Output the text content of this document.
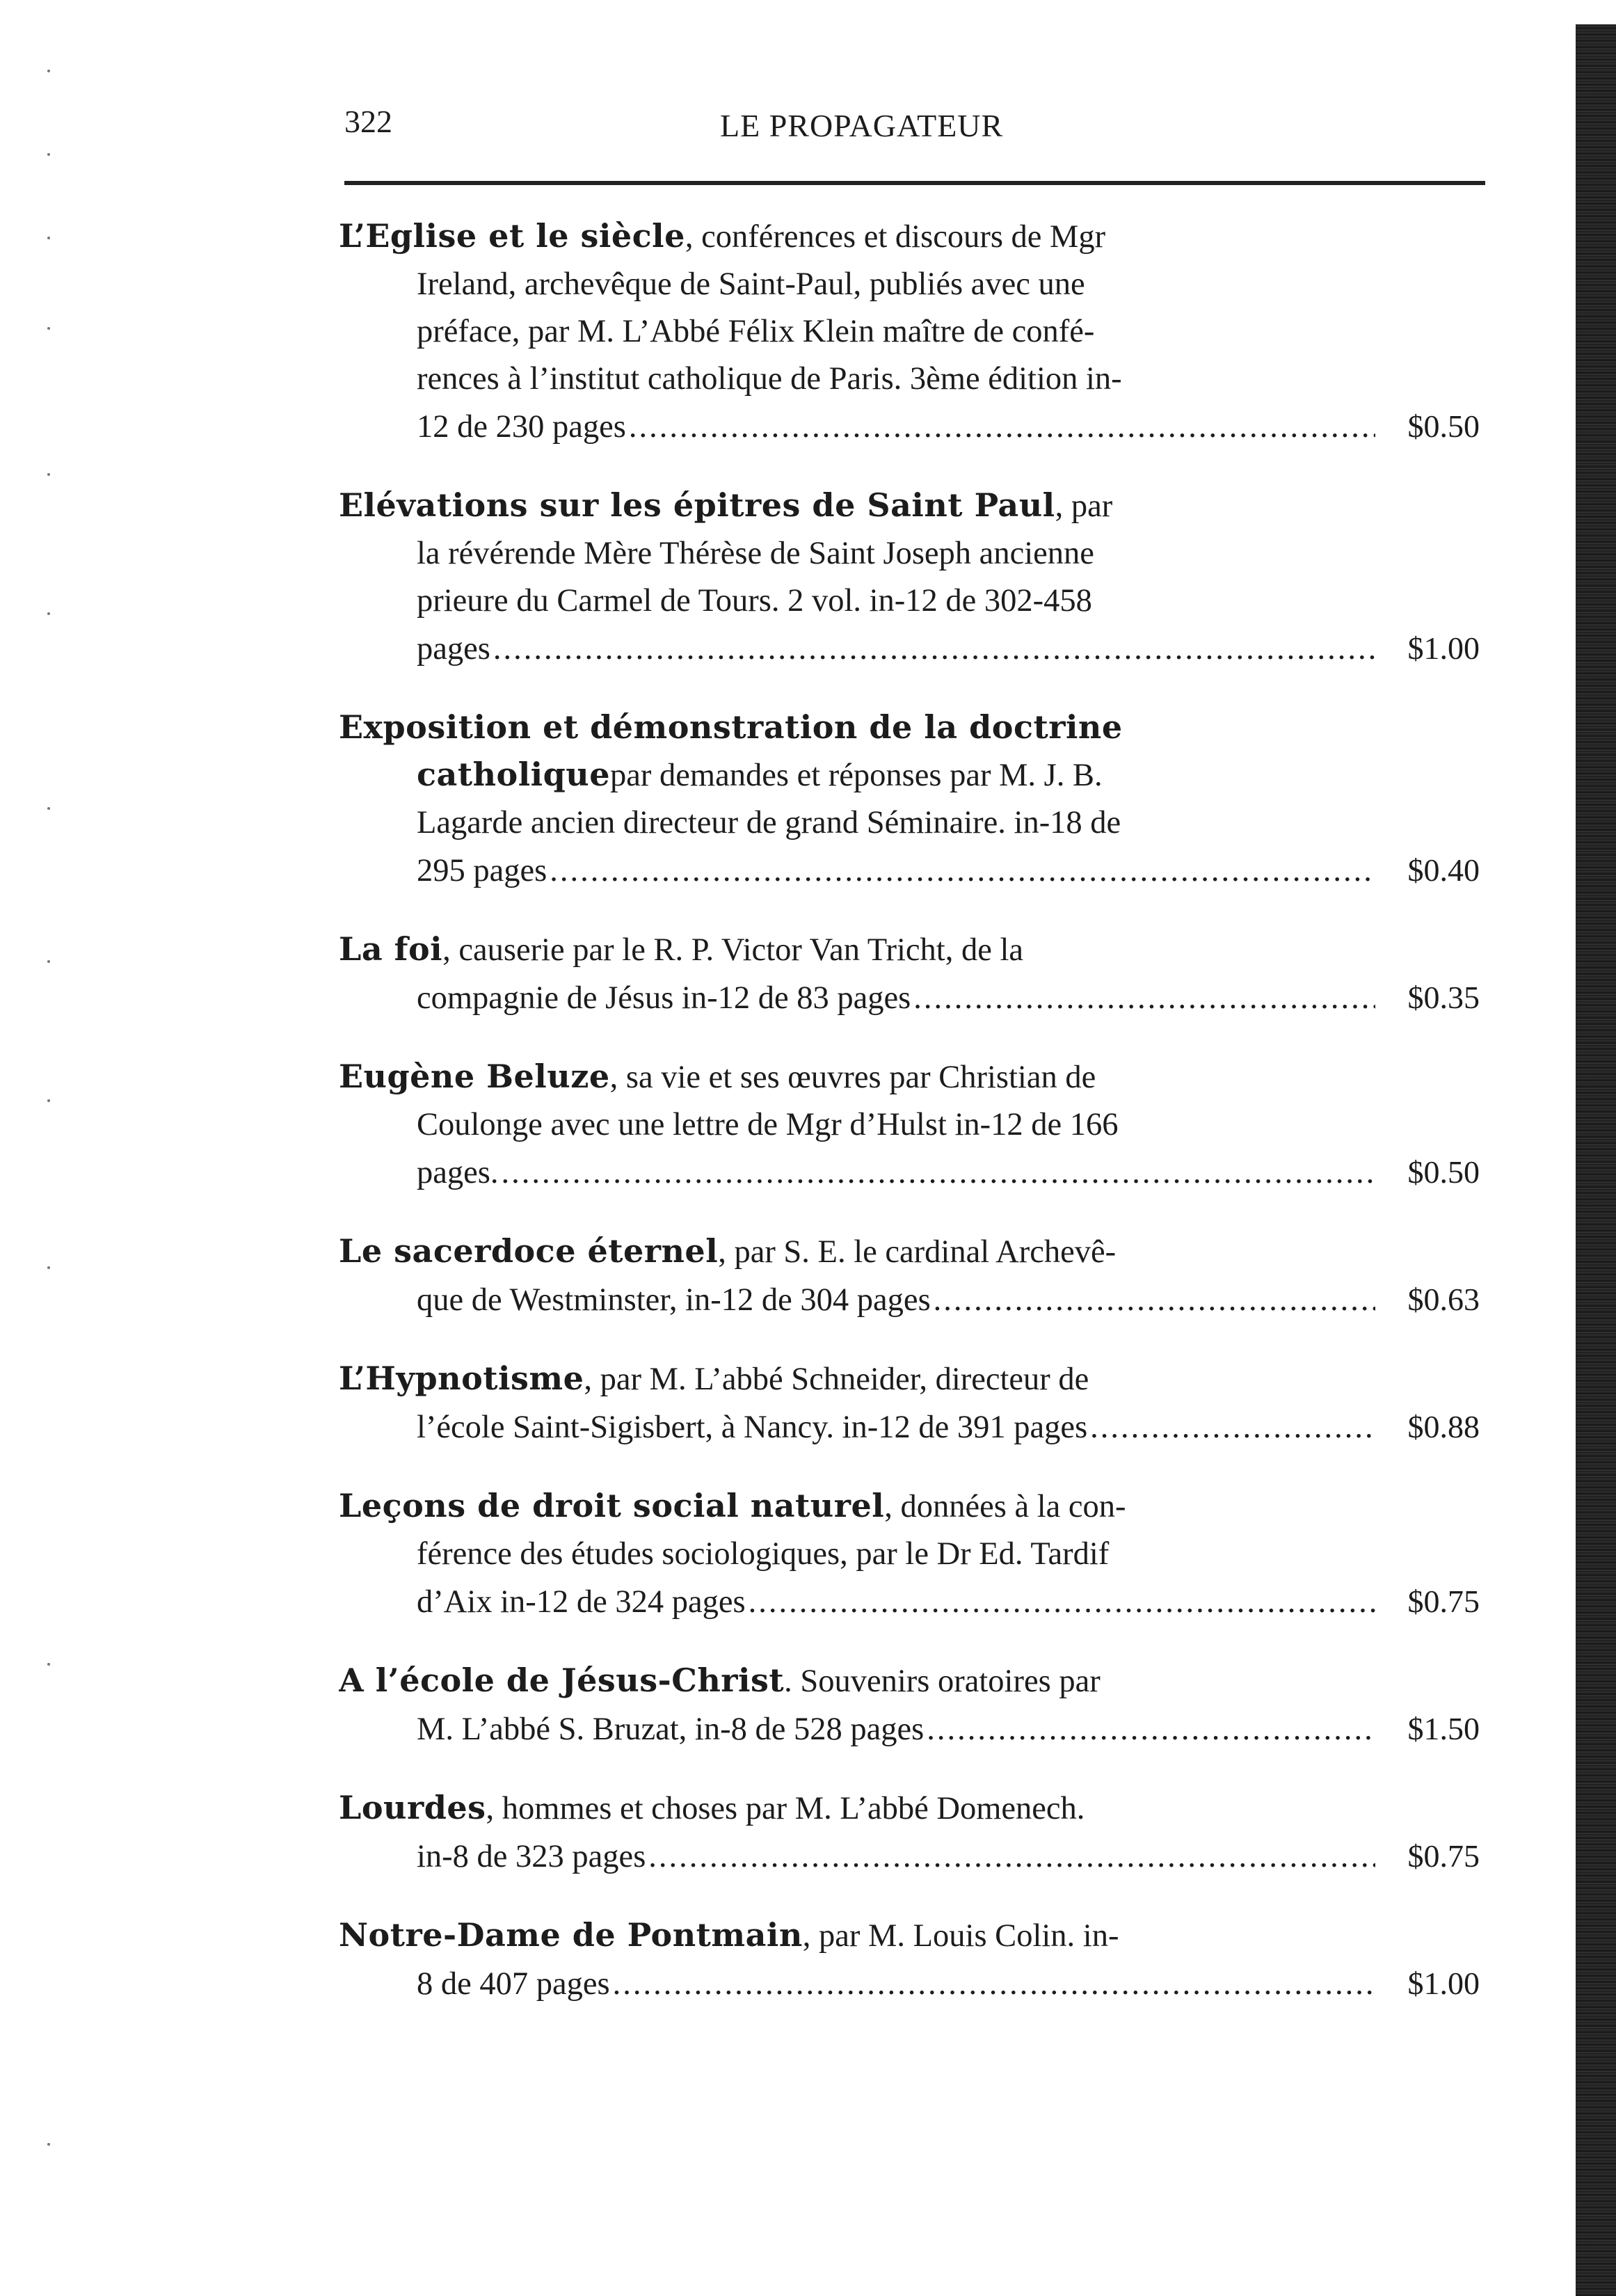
322	LE PROPAGATEUR
L’Eglise et le siècle , conférences et discours de Mgr
Ireland, archevêque de Saint-Paul, publiés avec une
préface, par M. L’Abbé Félix Klein maître de confé-
rences à l’institut catholique de Paris. 3ème édition in-
12 de 230 pages .....	$0.50
Elévations sur les épitres de Saint Paul , par
la révérende Mère Thérèse de Saint Joseph ancienne
prieure du Carmel de Tours. 2 vol. in-12 de 302-458
pages .....	$1.00
Exposition et démonstration de la doctrine
catholique par demandes et réponses par M. J. B.
Lagarde ancien directeur de grand Séminaire. in-18 de
295 pages .....	$0.40
La foi , causerie par le R. P. Victor Van Tricht, de la
compagnie de Jésus in-12 de 83 pages .....	$0.35
Eugène Beluze , sa vie et ses œuvres par Christian de
Coulonge avec une lettre de Mgr d’Hulst in-12 de 166
pages. .....	$0.50
Le sacerdoce éternel , par S. E. le cardinal Archevê-
que de Westminster, in-12 de 304 pages .....	$0.63
L’Hypnotisme , par M. L’abbé Schneider, directeur de
l’école Saint-Sigisbert, à Nancy. in-12 de 391 pages .....	$0.88
Leçons de droit social naturel , données à la con-
férence des études sociologiques, par le Dr Ed. Tardif
d’Aix in-12 de 324 pages .....	$0.75
A l’école de Jésus-Christ . Souvenirs oratoires par
M. L’abbé S. Bruzat, in-8 de 528 pages .....	$1.50
Lourdes , hommes et choses par M. L’abbé Domenech.
in-8 de 323 pages .....	$0.75
Notre-Dame de Pontmain , par M. Louis Colin. in-
8 de 407 pages .....	$1.00
